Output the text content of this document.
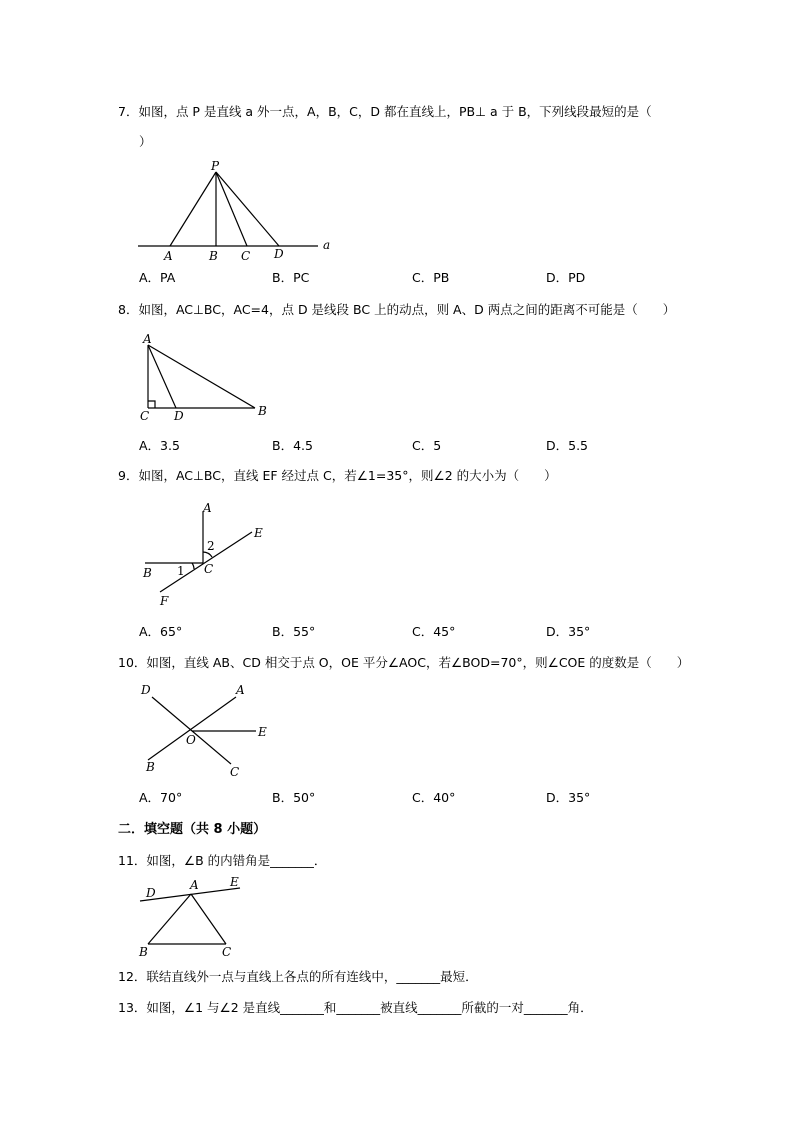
7．如图，点 P 是直线 a 外一点，A，B，C，D 都在直线上，PB⊥ a 于 B，下列线段最短的是（
）
P
A	B C D
a
A．PA	B．PC	C．PB	D．PD
8．如图，AC⊥BC，AC=4，点 D 是线段 BC 上的动点，则 A、D 两点之间的距离不可能是（　　）
A
C D	B
A．3.5	B．4.5	C．5	D．5.5
9．如图，AC⊥BC，直线 EF 经过点 C，若∠1=35°，则∠2 的大小为（　　）
A
E
B	C
F
1
2
A．65°	B．55°	C．45°	D．35°
10．如图，直线 AB、CD 相交于点 O，OE 平分∠AOC，若∠BOD=70°，则∠COE 的度数是（　　）
D	A
E
O
B	C
A．70°	B．50°	C．40°	D．35°
二．填空题（共 8 小题）
11．如图，∠B 的内错角是_______．
D
A	E
B	C
12．联结直线外一点与直线上各点的所有连线中，_______最短．
13．如图，∠1 与∠2 是直线_______和_______被直线_______所截的一对_______角．
